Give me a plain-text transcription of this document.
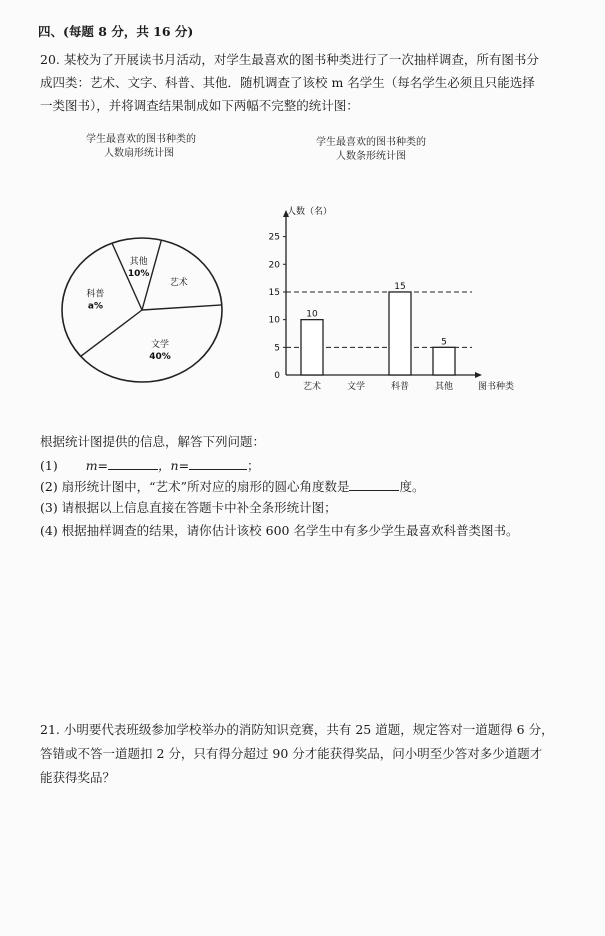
四、(每题 8 分，共 16 分)
20. 某校为了开展读书月活动，对学生最喜欢的图书种类进行了一次抽样调查，所有图书分
成四类：艺术、文字、科普、其他．随机调查了该校 m 名学生（每名学生必须且只能选择
一类图书），并将调查结果制成如下两幅不完整的统计图：
学生最喜欢的图书种类的
人数扇形统计图
学生最喜欢的图书种类的
人数条形统计图
其他
10%
艺术
文学
40%
科普
a%
人数（名）
图书种类
0
5
10
15
20
25
10
艺术	文学
15
科普
5
其他
根据统计图提供的信息，解答下列问题：
(1) m=	，n=	；
(2) 扇形统计图中，“艺术”所对应的扇形的圆心角度数是	度。
(3) 请根据以上信息直接在答题卡中补全条形统计图；
(4) 根据抽样调查的结果，请你估计该校 600 名学生中有多少学生最喜欢科普类图书。
21. 小明要代表班级参加学校举办的消防知识竞赛，共有 25 道题，规定答对一道题得 6 分，
答错或不答一道题扣 2 分，只有得分超过 90 分才能获得奖品，问小明至少答对多少道题才
能获得奖品？
